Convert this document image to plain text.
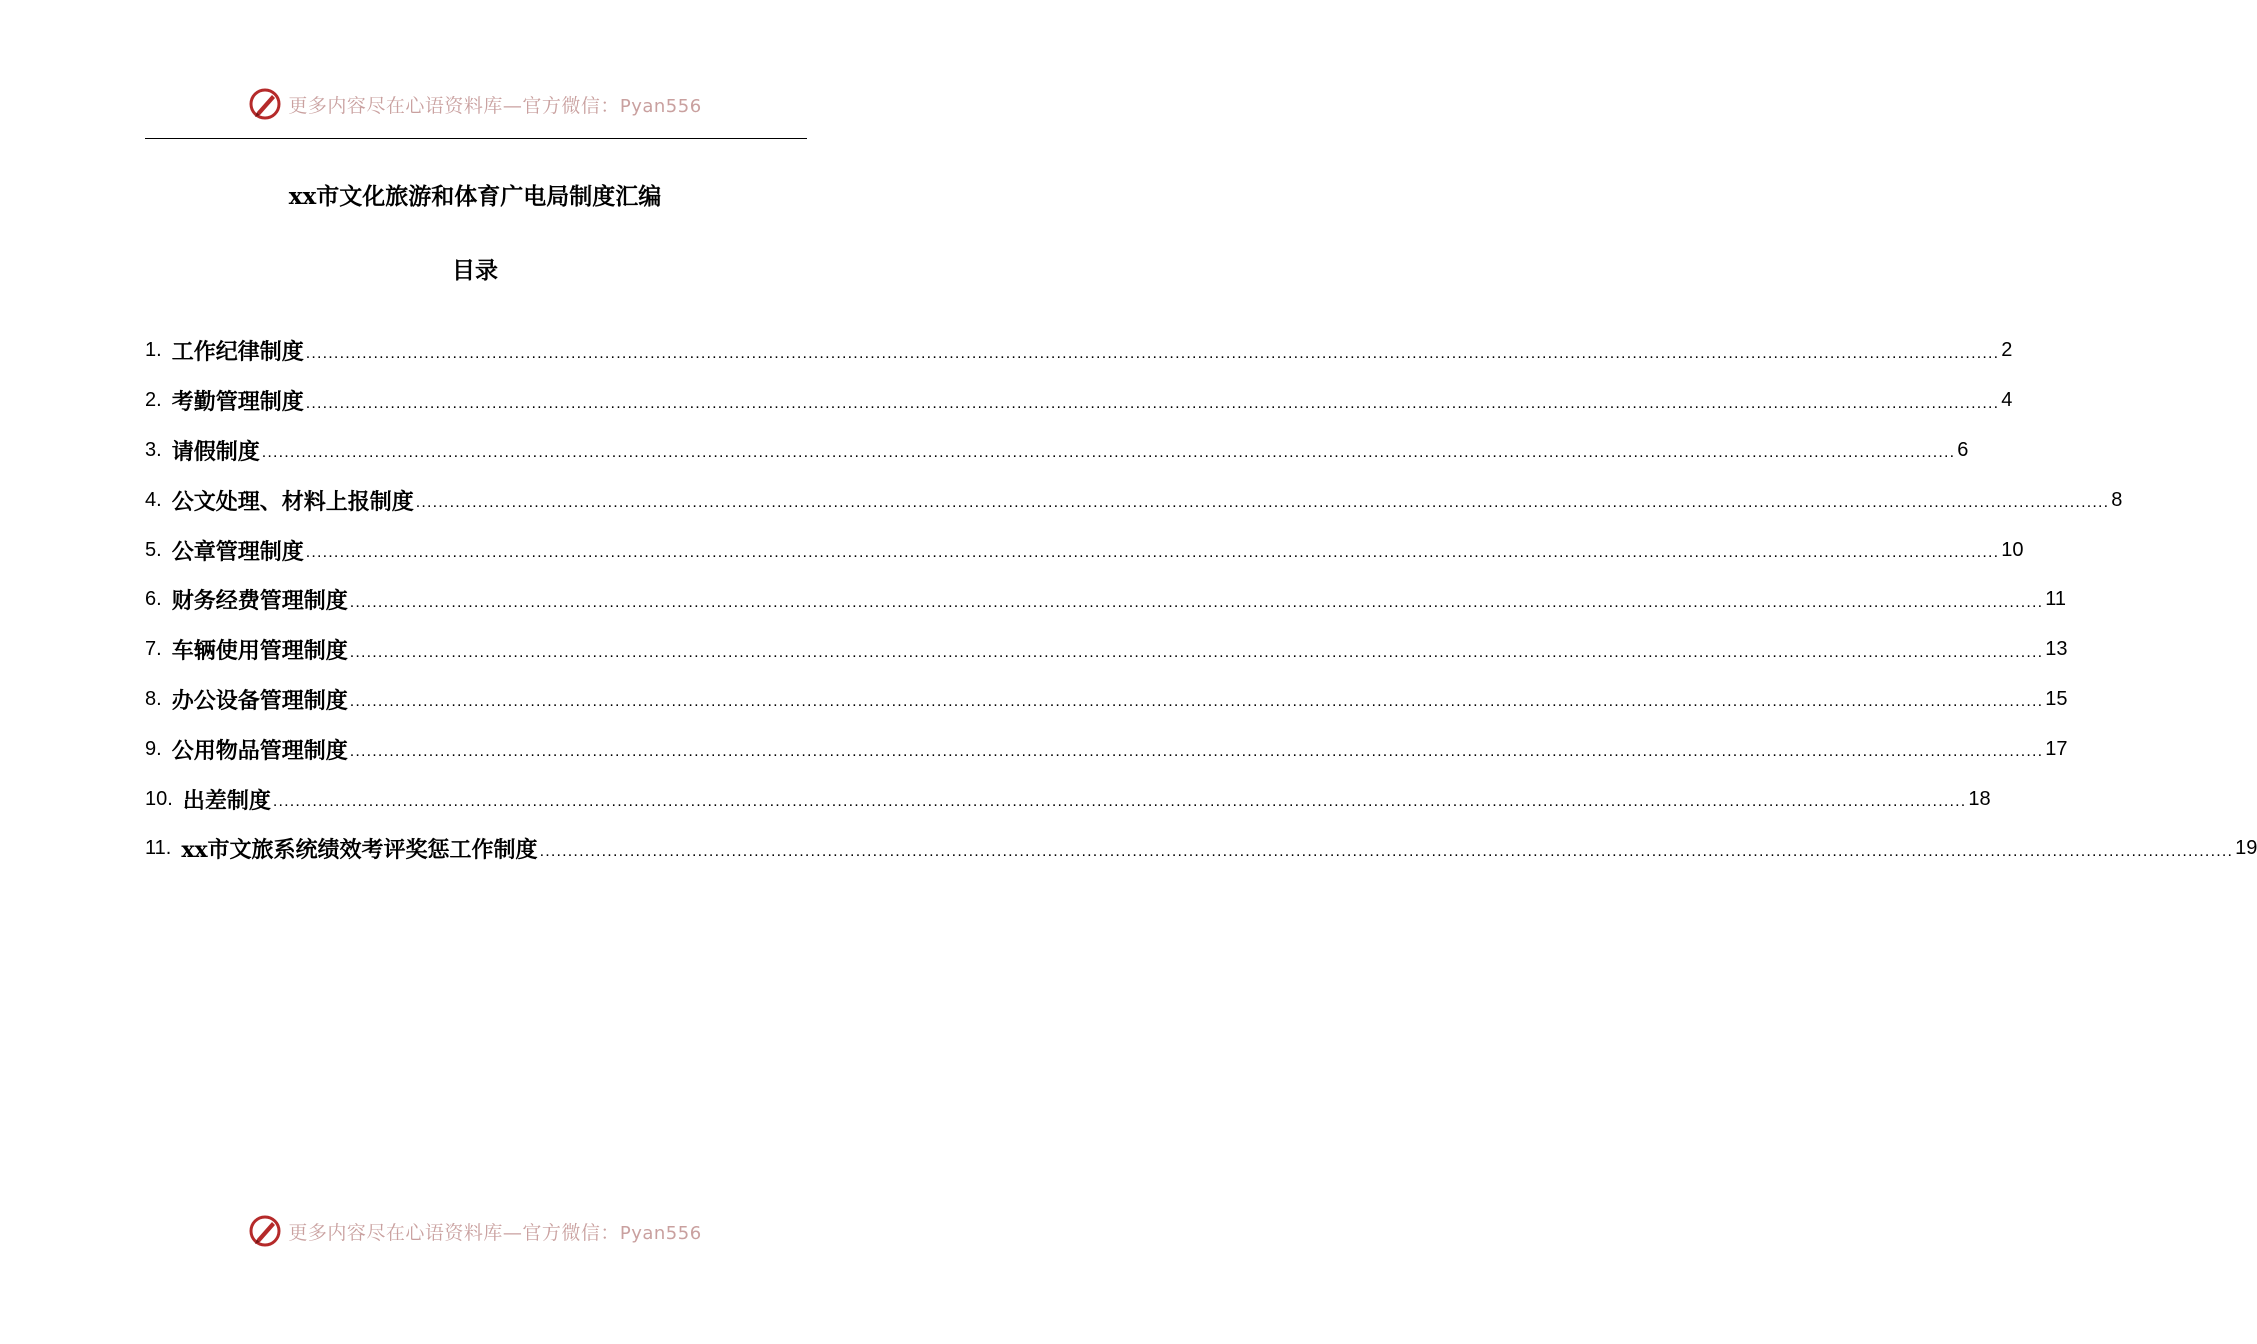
更多内容尽在心语资料库—官方微信：Pyan556
xx市文化旅游和体育广电局制度汇编
目录
1. 工作纪律制度 ............................................................................................................................................................................................................................................................................................................ 2
2. 考勤管理制度 ............................................................................................................................................................................................................................................................................................................ 4
3. 请假制度 ............................................................................................................................................................................................................................................................................................................ 6
4. 公文处理、材料上报制度 ............................................................................................................................................................................................................................................................................................................ 8
5. 公章管理制度 ............................................................................................................................................................................................................................................................................................................ 10
6. 财务经费管理制度 ............................................................................................................................................................................................................................................................................................................ 11
7. 车辆使用管理制度 ............................................................................................................................................................................................................................................................................................................ 13
8. 办公设备管理制度 ............................................................................................................................................................................................................................................................................................................ 15
9. 公用物品管理制度 ............................................................................................................................................................................................................................................................................................................ 17
10. 出差制度 ............................................................................................................................................................................................................................................................................................................ 18
11. xx市文旅系统绩效考评奖惩工作制度 ............................................................................................................................................................................................................................................................................................................ 19
更多内容尽在心语资料库—官方微信：Pyan556
